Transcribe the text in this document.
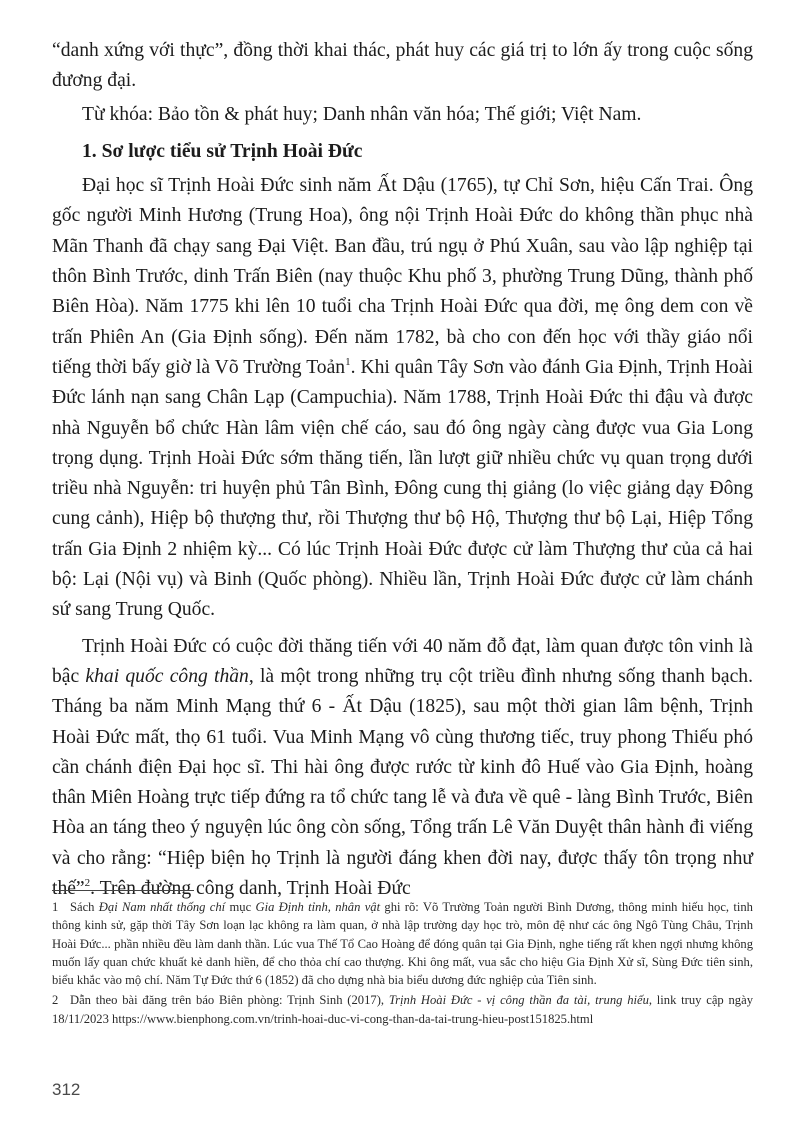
“danh xứng với thực”, đồng thời khai thác, phát huy các giá trị to lớn ấy trong cuộc sống đương đại.

Từ khóa: Bảo tồn & phát huy; Danh nhân văn hóa; Thế giới; Việt Nam.

1. Sơ lược tiểu sử Trịnh Hoài Đức

Đại học sĩ Trịnh Hoài Đức sinh năm Ất Dậu (1765), tự Chỉ Sơn, hiệu Cấn Trai. Ông gốc người Minh Hương (Trung Hoa), ông nội Trịnh Hoài Đức do không thần phục nhà Mãn Thanh đã chạy sang Đại Việt. Ban đầu, trú ngụ ở Phú Xuân, sau vào lập nghiệp tại thôn Bình Trước, dinh Trấn Biên (nay thuộc Khu phố 3, phường Trung Dũng, thành phố Biên Hòa). Năm 1775 khi lên 10 tuổi cha Trịnh Hoài Đức qua đời, mẹ ông dem con về trấn Phiên An (Gia Định sống). Đến năm 1782, bà cho con đến học với thầy giáo nổi tiếng thời bấy giờ là Võ Trường Toản$^1$. Khi quân Tây Sơn vào đánh Gia Định, Trịnh Hoài Đức lánh nạn sang Chân Lạp (Campuchia). Năm 1788, Trịnh Hoài Đức thi đậu và được nhà Nguyễn bổ chức Hàn lâm viện chế cáo, sau đó ông ngày càng được vua Gia Long trọng dụng. Trịnh Hoài Đức sớm thăng tiến, lần lượt giữ nhiều chức vụ quan trọng dưới triều nhà Nguyễn: tri huyện phủ Tân Bình, Đông cung thị giảng (lo việc giảng dạy Đông cung cảnh), Hiệp bộ thượng thư, rồi Thượng thư bộ Hộ, Thượng thư bộ Lại, Hiệp Tổng trấn Gia Định 2 nhiệm kỳ... Có lúc Trịnh Hoài Đức được cử làm Thượng thư của cả hai bộ: Lại (Nội vụ) và Binh (Quốc phòng). Nhiều lần, Trịnh Hoài Đức được cử làm chánh sứ sang Trung Quốc.

Trịnh Hoài Đức có cuộc đời thăng tiến với 40 năm đỗ đạt, làm quan được tôn vinh là bậc khai quốc công thần, là một trong những trụ cột triều đình nhưng sống thanh bạch. Tháng ba năm Minh Mạng thứ 6 - Ất Dậu (1825), sau một thời gian lâm bệnh, Trịnh Hoài Đức mất, thọ 61 tuổi. Vua Minh Mạng vô cùng thương tiếc, truy phong Thiếu phó cần chánh điện Đại học sĩ. Thi hài ông được rước từ kinh đô Huế vào Gia Định, hoàng thân Miên Hoàng trực tiếp đứng ra tổ chức tang lễ và đưa về quê - làng Bình Trước, Biên Hòa an táng theo ý nguyện lúc ông còn sống, Tổng trấn Lê Văn Duyệt thân hành đi viếng và cho rằng: “Hiệp biện họ Trịnh là người đáng khen đời nay, được thấy tôn trọng như thế”$^2$. Trên đường công danh, Trịnh Hoài Đức

1 Sách Đại Nam nhất thống chí mục Gia Định tỉnh, nhân vật ghi rõ: Võ Trường Toản người Bình Dương, thông minh hiếu học, tinh thông kinh sử, gặp thời Tây Sơn loạn lạc không ra làm quan, ở nhà lập trường dạy học trò, môn đệ như các ông Ngô Tùng Châu, Trịnh Hoài Đức... phần nhiều đều làm danh thần. Lúc vua Thế Tổ Cao Hoàng để đóng quân tại Gia Định, nghe tiếng rất khen ngợi nhưng không muốn lấy quan chức khuất kẻ danh hiền, để cho thỏa chí cao thượng. Khi ông mất, vua sắc cho hiệu Gia Định Xử sĩ, Sùng Đức tiên sinh, biểu khắc vào mộ chí. Năm Tự Đức thứ 6 (1852) đã cho dựng nhà bia biểu dương đức nghiệp của Tiên sinh.

2 Dẫn theo bài đăng trên báo Biên phòng: Trịnh Sinh (2017), Trịnh Hoài Đức - vị công thần đa tài, trung hiếu, link truy cập ngày 18/11/2023 https://www.bienphong.com.vn/trinh-hoai-duc-vi-cong-than-da-tai-trung-hieu-post151825.html

312
